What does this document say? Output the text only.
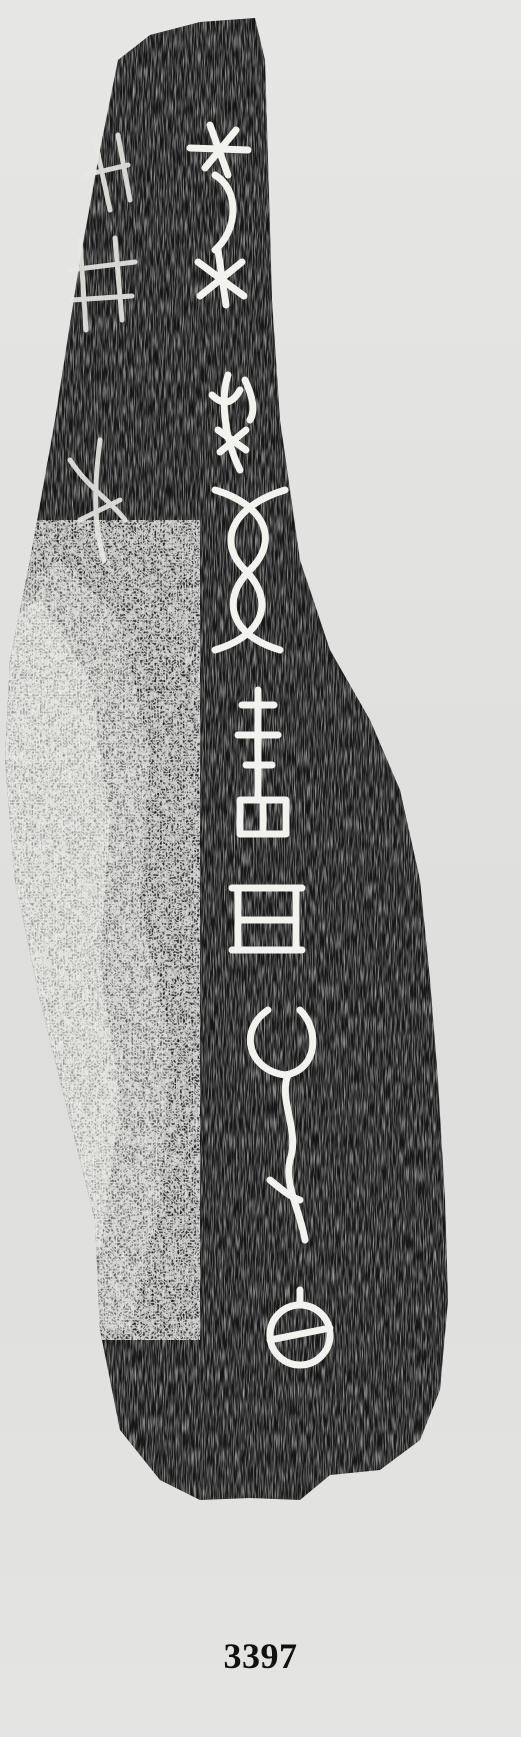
3397
